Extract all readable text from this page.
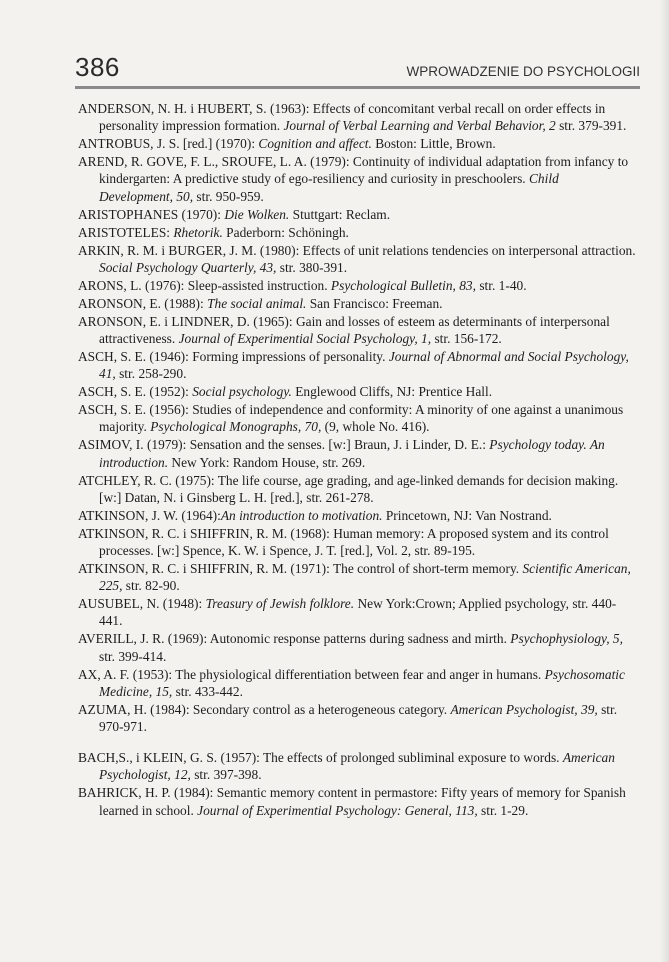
386	WPROWADZENIE DO PSYCHOLOGII

ANDERSON, N. H. i HUBERT, S. (1963): Effects of concomitant verbal recall on order effects in personality impression formation. Journal of Verbal Learning and Verbal Behavior, 2 str. 379-391.

ANTROBUS, J. S. [red.] (1970): Cognition and affect. Boston: Little, Brown.

AREND, R. GOVE, F. L., SROUFE, L. A. (1979): Continuity of individual adaptation from infancy to kindergarten: A predictive study of ego-resiliency and curiosity in preschoolers. Child Development, 50, str. 950-959.

ARISTOPHANES (1970): Die Wolken. Stuttgart: Reclam.

ARISTOTELES: Rhetorik. Paderborn: Schöningh.

ARKIN, R. M. i BURGER, J. M. (1980): Effects of unit relations tendencies on interpersonal attraction. Social Psychology Quarterly, 43, str. 380-391.

ARONS, L. (1976): Sleep-assisted instruction. Psychological Bulletin, 83, str. 1-40.

ARONSON, E. (1988): The social animal. San Francisco: Freeman.

ARONSON, E. i LINDNER, D. (1965): Gain and losses of esteem as determinants of interpersonal attractiveness. Journal of Experimential Social Psychology, 1, str. 156-172.

ASCH, S. E. (1946): Forming impressions of personality. Journal of Abnormal and Social Psychology, 41, str. 258-290.

ASCH, S. E. (1952): Social psychology. Englewood Cliffs, NJ: Prentice Hall.

ASCH, S. E. (1956): Studies of independence and conformity: A minority of one against a unanimous majority. Psychological Monographs, 70, (9, whole No. 416).

ASIMOV, I. (1979): Sensation and the senses. [w:] Braun, J. i Linder, D. E.: Psychology today. An introduction. New York: Random House, str. 269.

ATCHLEY, R. C. (1975): The life course, age grading, and age-linked demands for decision making. [w:] Datan, N. i Ginsberg L. H. [red.], str. 261-278.

ATKINSON, J. W. (1964):An introduction to motivation. Princetown, NJ: Van Nostrand.

ATKINSON, R. C. i SHIFFRIN, R. M. (1968): Human memory: A proposed system and its control processes. [w:] Spence, K. W. i Spence, J. T. [red.], Vol. 2, str. 89-195.

ATKINSON, R. C. i SHIFFRIN, R. M. (1971): The control of short-term memory. Scientific American, 225, str. 82-90.

AUSUBEL, N. (1948): Treasury of Jewish folklore. New York:Crown; Applied psychology, str. 440-441.

AVERILL, J. R. (1969): Autonomic response patterns during sadness and mirth. Psychophysiology, 5, str. 399-414.

AX, A. F. (1953): The physiological differentiation between fear and anger in humans. Psychosomatic Medicine, 15, str. 433-442.

AZUMA, H. (1984): Secondary control as a heterogeneous category. American Psychologist, 39, str. 970-971.

BACH,S., i KLEIN, G. S. (1957): The effects of prolonged subliminal exposure to words. American Psychologist, 12, str. 397-398.

BAHRICK, H. P. (1984): Semantic memory content in permastore: Fifty years of memory for Spanish learned in school. Journal of Experimential Psychology: General, 113, str. 1-29.
